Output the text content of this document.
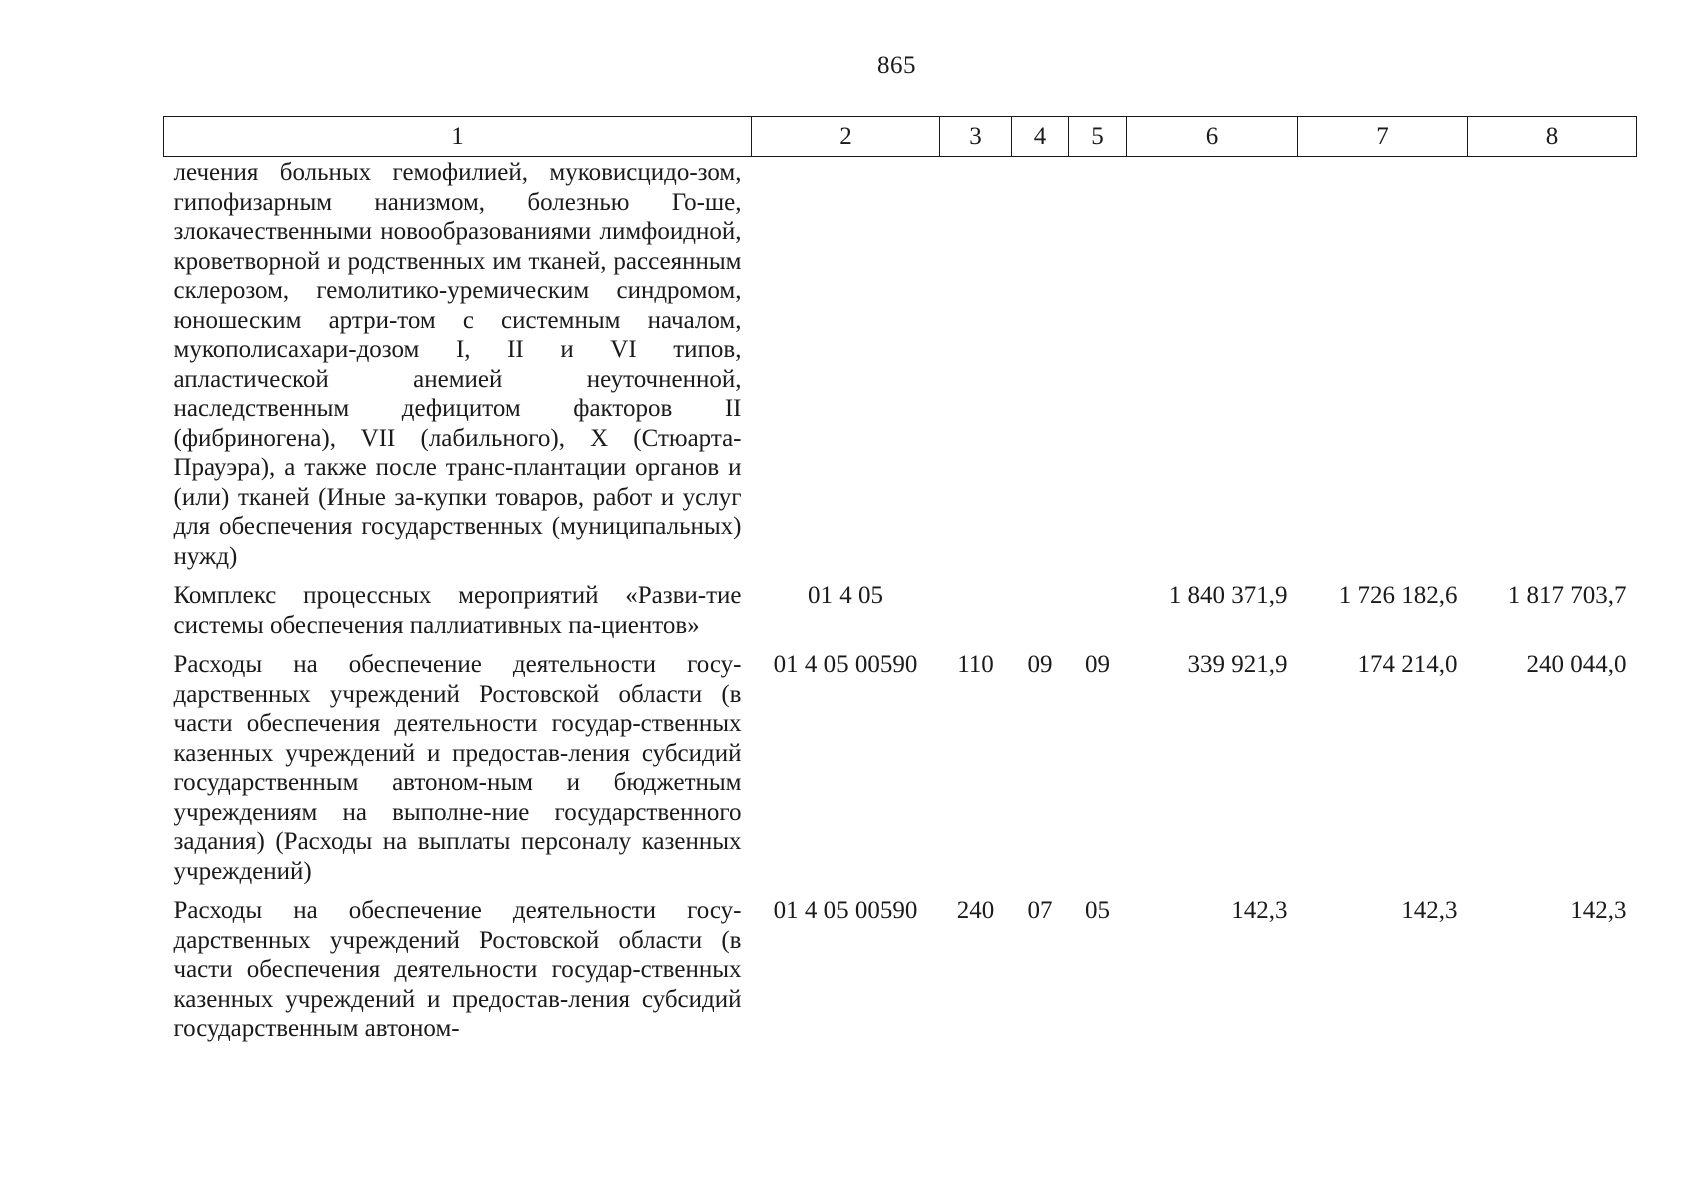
865
1	2	3	4	5	6	7	8
лечения больных гемофилией, муковисцидо-зом, гипофизарным нанизмом, болезнью Го-ше, злокачественными новообразованиями лимфоидной, кроветворной и родственных им тканей, рассеянным склерозом, гемолитико-уремическим синдромом, юношеским артри-том с системным началом, мукополисахари-дозом I, II и VI типов, апластической анемией неуточненной, наследственным дефицитом факторов II (фибриногена), VII (лабильного), X (Стюарта-Прауэра), а также после транс-плантации органов и (или) тканей (Иные за-купки товаров, работ и услуг для обеспечения государственных (муниципальных) нужд)							
Комплекс процессных мероприятий «Разви-тие системы обеспечения паллиативных па-циентов»	01 4 05				1 840 371,9	1 726 182,6	1 817 703,7
Расходы на обеспечение деятельности госу-дарственных учреждений Ростовской области (в части обеспечения деятельности государ-ственных казенных учреждений и предостав-ления субсидий государственным автоном-ным и бюджетным учреждениям на выполне-ние государственного задания) (Расходы на выплаты персоналу казенных учреждений)	01 4 05 00590	110	09	09	339 921,9	174 214,0	240 044,0
Расходы на обеспечение деятельности госу-дарственных учреждений Ростовской области (в части обеспечения деятельности государ-ственных казенных учреждений и предостав-ления субсидий государственным автоном-	01 4 05 00590	240	07	05	142,3	142,3	142,3
